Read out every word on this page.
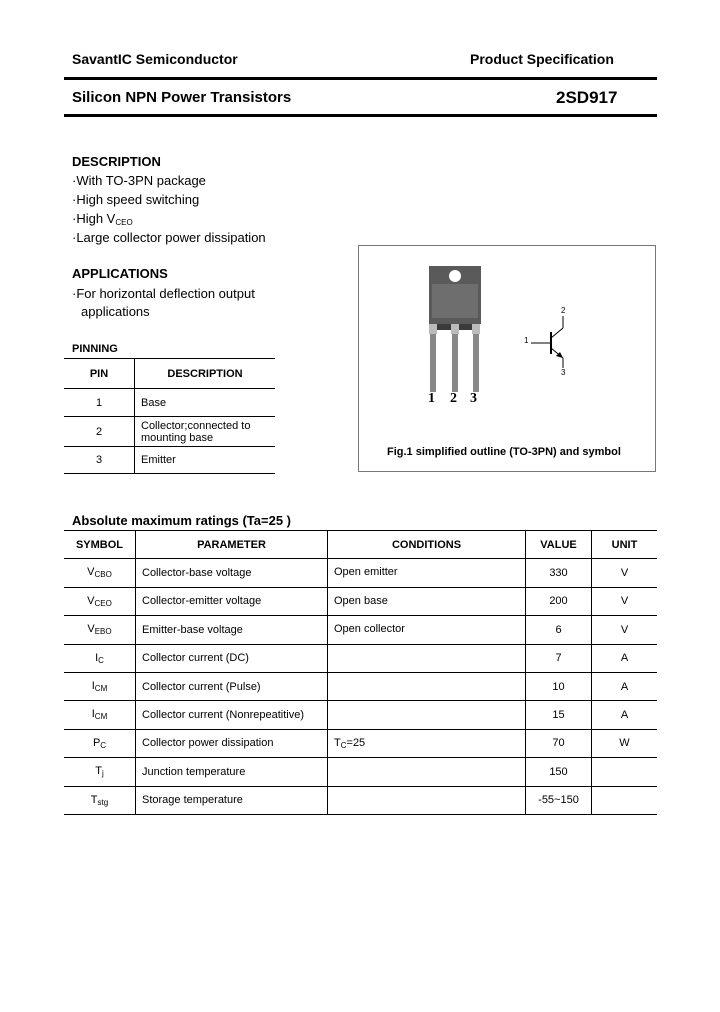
SavantIC Semiconductor	Product Specification
Silicon NPN Power Transistors	2SD917
DESCRIPTION
·With TO-3PN package
·High speed switching
·High $V_{CEO}$
·Large collector power dissipation
APPLICATIONS
·For horizontal deflection output
applications
PINNING
PIN	DESCRIPTION
1	Base
2	Collector;connected to mounting base
3	Emitter
1 2 3
1
2
3
Fig.1 simplified outline (TO-3PN) and symbol
Absolute maximum ratings (Ta=25 )
SYMBOL	PARAMETER	CONDITIONS	VALUE	UNIT
$V_{CBO}$	Collector-base voltage	Open emitter	330	V
$V_{CEO}$	Collector-emitter voltage	Open base	200	V
$V_{EBO}$	Emitter-base voltage	Open collector	6	V
$I_C$	Collector current (DC)		7	A
$I_{CM}$	Collector current (Pulse)		10	A
$I_{CM}$	Collector current (Nonrepeatitive)		15	A
$P_C$	Collector power dissipation	$T_C=25$	70	W
$T_j$	Junction temperature		150	
$T_{stg}$	Storage temperature		-55~150	
